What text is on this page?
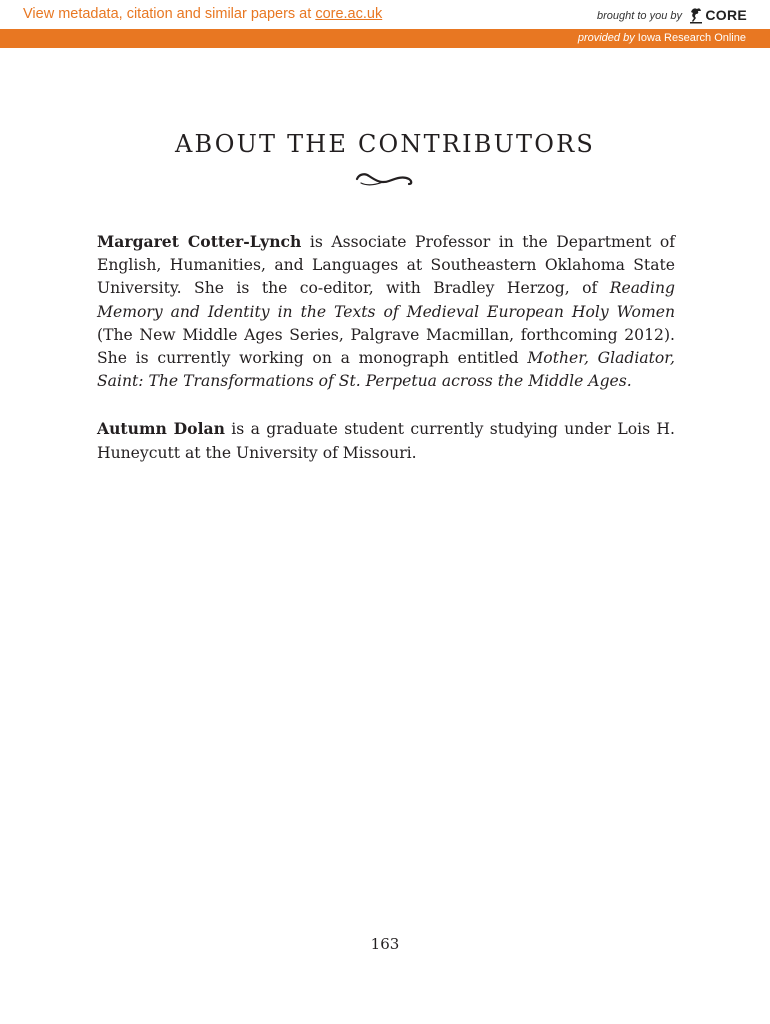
View metadata, citation and similar papers at core.ac.uk	brought to you by CORE
provided by Iowa Research Online
ABOUT THE CONTRIBUTORS

Margaret Cotter-Lynch is Associate Professor in the Department of English, Humanities, and Languages at Southeastern Oklahoma State University. She is the co-editor, with Bradley Herzog, of Reading Memory and Identity in the Texts of Medieval European Holy Women (The New Middle Ages Series, Palgrave Macmillan, forthcoming 2012). She is currently working on a monograph entitled Mother, Gladiator, Saint: The Transformations of St. Perpetua across the Middle Ages.

Autumn Dolan is a graduate student currently studying under Lois H. Huneycutt at the University of Missouri.

163
